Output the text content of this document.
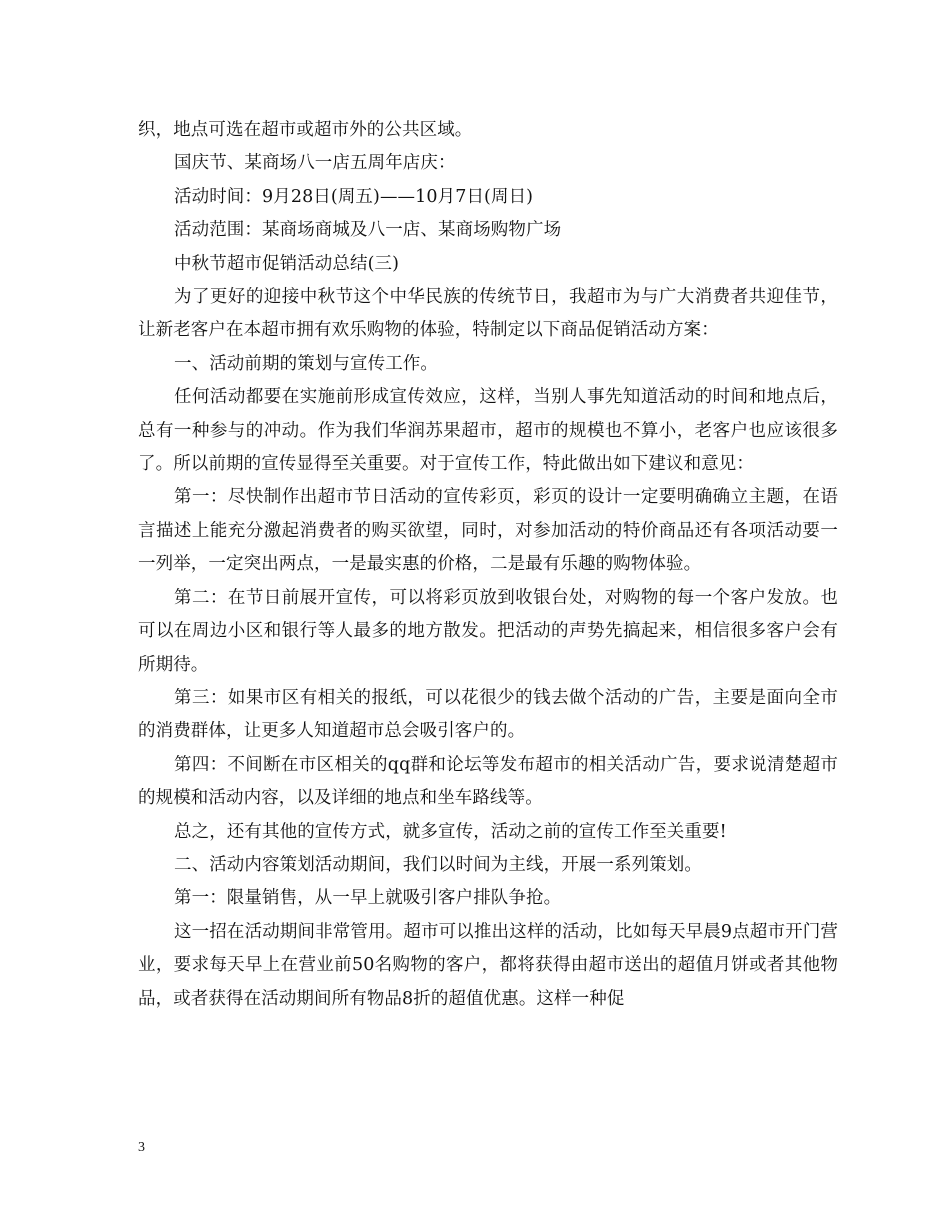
织，地点可选在超市或超市外的公共区域。

国庆节、某商场八一店五周年店庆：

活动时间：9月28日(周五)——10月7日(周日)

活动范围：某商场商城及八一店、某商场购物广场

中秋节超市促销活动总结(三)

为了更好的迎接中秋节这个中华民族的传统节日，我超市为与广大消费者共迎佳节，让新老客户在本超市拥有欢乐购物的体验，特制定以下商品促销活动方案：

一、活动前期的策划与宣传工作。

任何活动都要在实施前形成宣传效应，这样，当别人事先知道活动的时间和地点后，总有一种参与的冲动。作为我们华润苏果超市，超市的规模也不算小，老客户也应该很多了。所以前期的宣传显得至关重要。对于宣传工作，特此做出如下建议和意见：

第一：尽快制作出超市节日活动的宣传彩页，彩页的设计一定要明确确立主题，在语言描述上能充分激起消费者的购买欲望，同时，对参加活动的特价商品还有各项活动要一一列举，一定突出两点，一是最实惠的价格，二是最有乐趣的购物体验。

第二：在节日前展开宣传，可以将彩页放到收银台处，对购物的每一个客户发放。也可以在周边小区和银行等人最多的地方散发。把活动的声势先搞起来，相信很多客户会有所期待。

第三：如果市区有相关的报纸，可以花很少的钱去做个活动的广告，主要是面向全市的消费群体，让更多人知道超市总会吸引客户的。

第四：不间断在市区相关的qq群和论坛等发布超市的相关活动广告，要求说清楚超市的规模和活动内容，以及详细的地点和坐车路线等。

总之，还有其他的宣传方式，就多宣传，活动之前的宣传工作至关重要!

二、活动内容策划活动期间，我们以时间为主线，开展一系列策划。

第一：限量销售，从一早上就吸引客户排队争抢。

这一招在活动期间非常管用。超市可以推出这样的活动，比如每天早晨9点超市开门营业，要求每天早上在营业前50名购物的客户，都将获得由超市送出的超值月饼或者其他物品，或者获得在活动期间所有物品8折的超值优惠。这样一种促

3
